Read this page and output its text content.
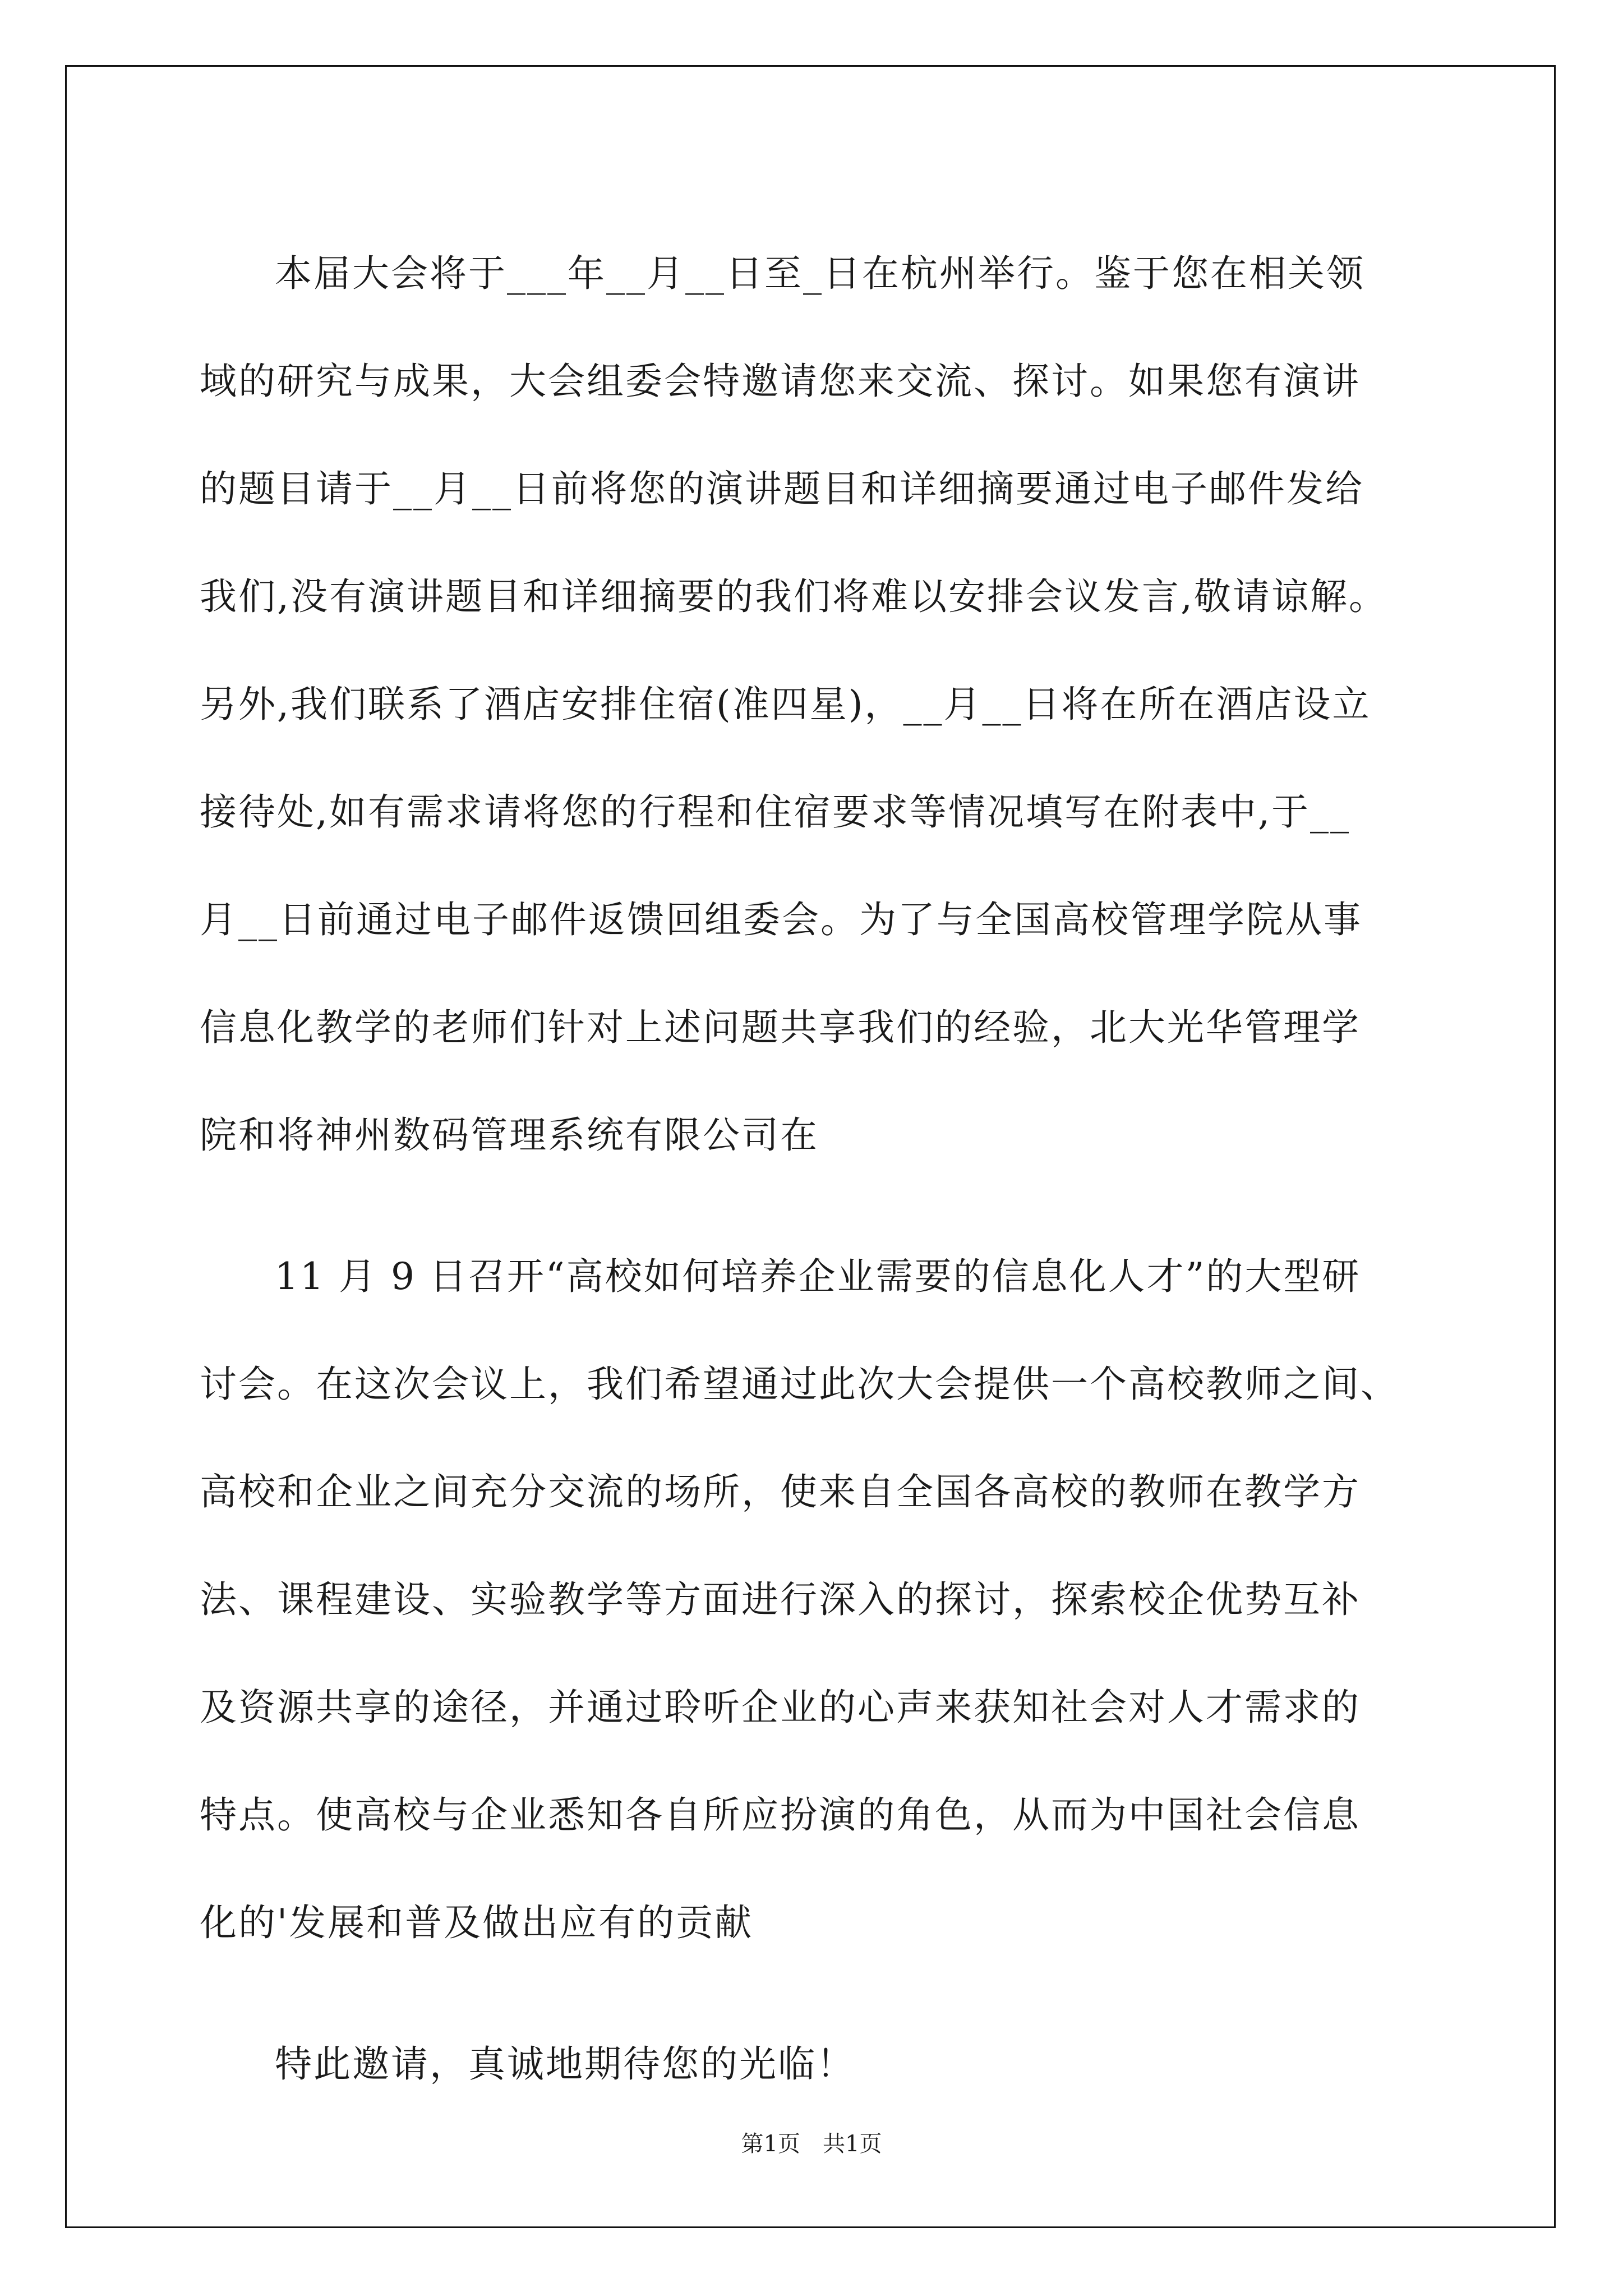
本届大会将于___年__月__日至_日在杭州举行。鉴于您在相关领
域的研究与成果，大会组委会特邀请您来交流、探讨。如果您有演讲
的题目请于__月__日前将您的演讲题目和详细摘要通过电子邮件发给
我们,没有演讲题目和详细摘要的我们将难以安排会议发言,敬请谅解。
另外,我们联系了酒店安排住宿(准四星)，__月__日将在所在酒店设立
接待处,如有需求请将您的行程和住宿要求等情况填写在附表中,于__
月__日前通过电子邮件返馈回组委会。为了与全国高校管理学院从事
信息化教学的老师们针对上述问题共享我们的经验，北大光华管理学
院和将神州数码管理系统有限公司在
11 月 9 日召开“高校如何培养企业需要的信息化人才”的大型研
讨会。在这次会议上，我们希望通过此次大会提供一个高校教师之间、
高校和企业之间充分交流的场所，使来自全国各高校的教师在教学方
法、课程建设、实验教学等方面进行深入的探讨，探索校企优势互补
及资源共享的途径，并通过聆听企业的心声来获知社会对人才需求的
特点。使高校与企业悉知各自所应扮演的角色，从而为中国社会信息
化的'发展和普及做出应有的贡献
特此邀请，真诚地期待您的光临！
第1页　共1页
